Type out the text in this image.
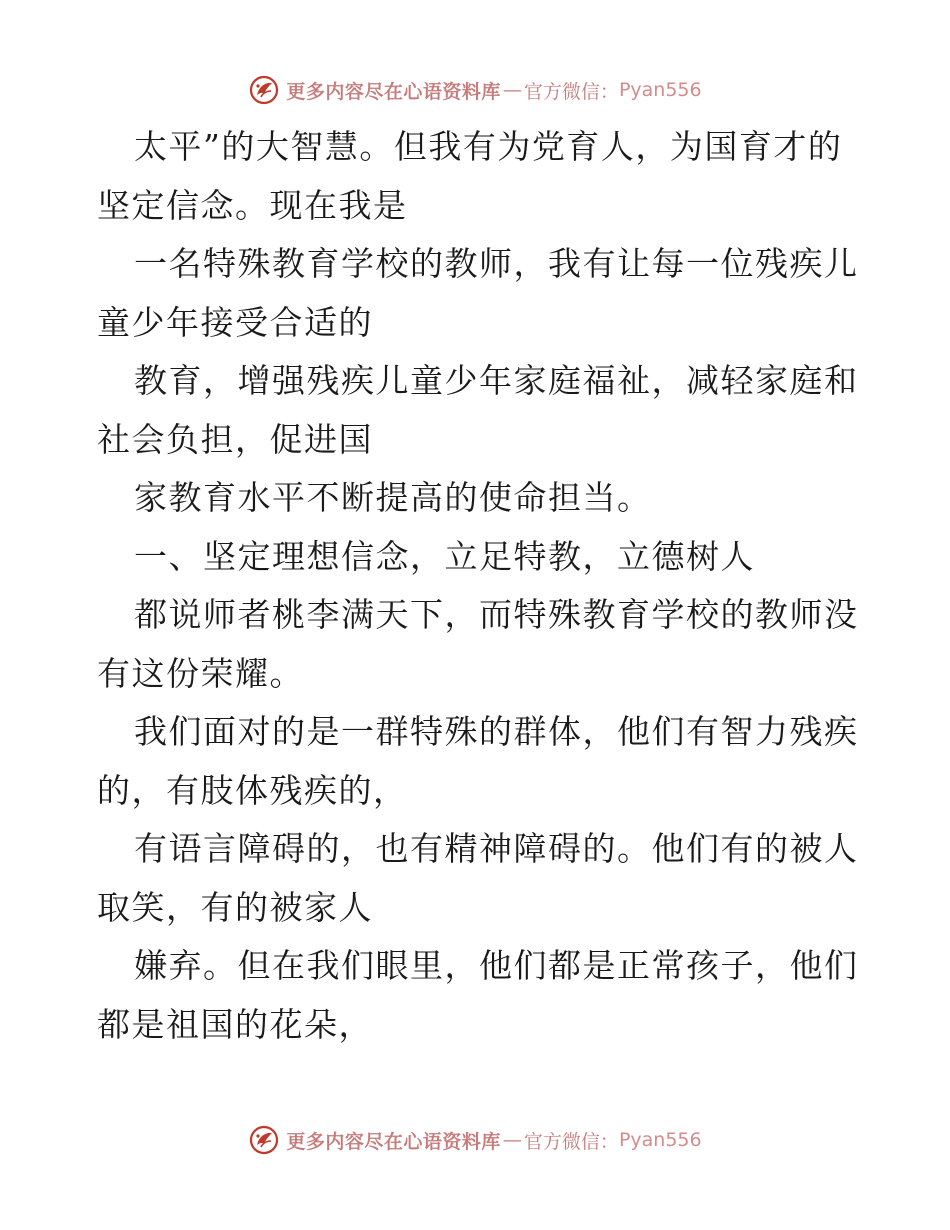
更多内容尽在心语资料库 — 官方微信： Pyan556
太平”的大智慧。但我有为党育人，为国育才的
坚定信念。现在我是
一名特殊教育学校的教师，我有让每一位残疾儿
童少年接受合适的
教育，增强残疾儿童少年家庭福祉，减轻家庭和
社会负担，促进国
家教育水平不断提高的使命担当。
一、坚定理想信念，立足特教，立德树人
都说师者桃李满天下，而特殊教育学校的教师没
有这份荣耀。
我们面对的是一群特殊的群体，他们有智力残疾
的，有肢体残疾的，
有语言障碍的，也有精神障碍的。他们有的被人
取笑，有的被家人
嫌弃。但在我们眼里，他们都是正常孩子，他们
都是祖国的花朵，
更多内容尽在心语资料库 — 官方微信： Pyan556
